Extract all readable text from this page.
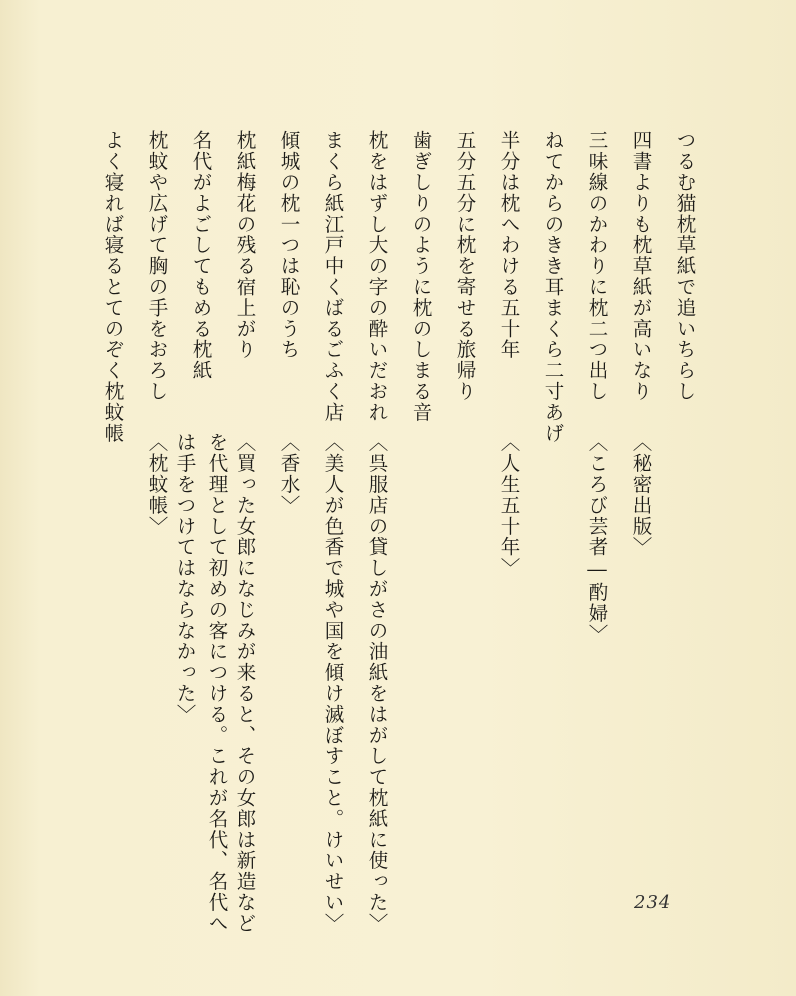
つるむ猫枕草紙で追いちらし
四書よりも枕草紙が高いなり
三味線のかわりに枕二つ出し
ねてからのきき耳まくら二寸あげ
半分は枕へわける五十年
五分五分に枕を寄せる旅帰り
歯ぎしりのように枕のしまる音
枕をはずし大の字の酔いだおれ
まくら紙江戸中くばるごふく店
傾城の枕一つは恥のうち
枕紙梅花の残る宿上がり
名代がよごしてもめる枕紙
枕蚊や広げて胸の手をおろし
よく寝れば寝るとてのぞく枕蚊帳
〈秘密出版〉
〈ころび芸者―酌婦〉
〈人生五十年〉
〈呉服店の貸しがさの油紙をはがして枕紙に使った〉
〈美人が色香で城や国を傾け滅ぼすこと。けいせい〉
〈香水〉
〈買った女郎になじみが来ると、その女郎は新造など
を代理として初めの客につける。これが名代、名代へ
は手をつけてはならなかった〉
〈枕蚊帳〉
234
